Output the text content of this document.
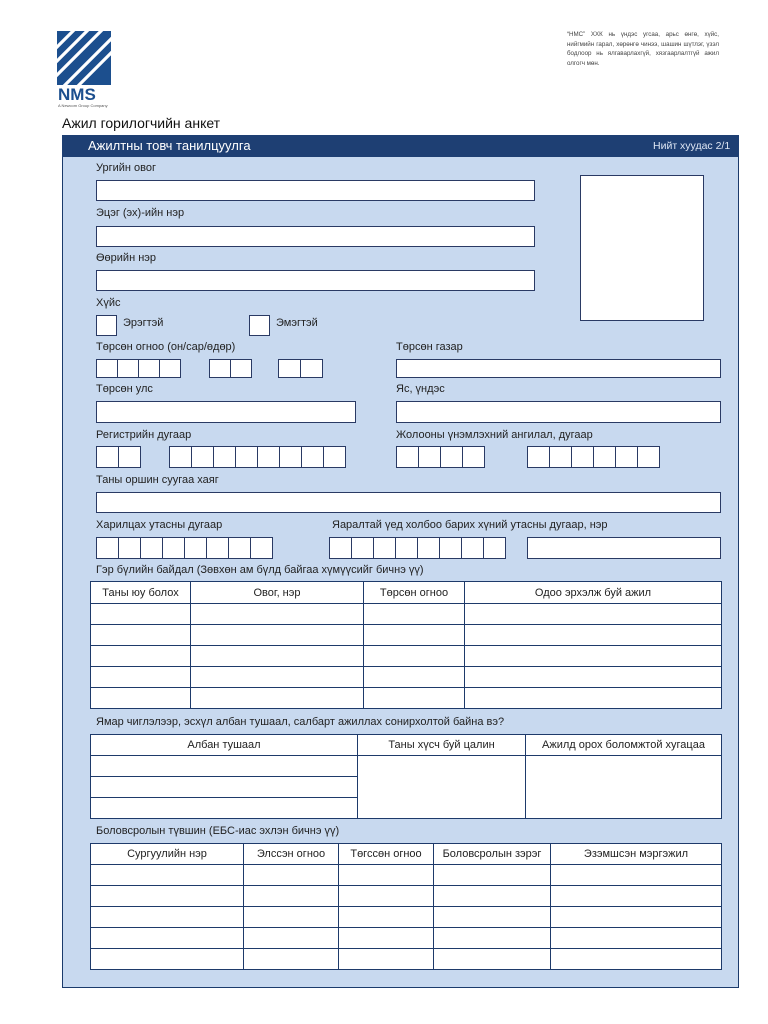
NMS
A Newcom Group Company
“НМС” ХХК нь үндэс угсаа, арьс өнгө, хүйс, нийгмийн гарал, хөрөнгө чинээ, шашин шүтлэг, үзэл бодлоор нь ялгаварлахгүй, хязгаарлалтгүй ажил олгогч мөн.
Ажил горилогчийн анкет
Ажилтны товч танилцуулга	Нийт хуудас 2/1
Ургийн овог
Эцэг (эх)-ийн нэр
Өөрийн нэр
Хүйс
Эрэгтэй	Эмэгтэй
Төрсөн огноо (он/сар/өдөр)	Төрсөн газар
Төрсөн улс	Яс, үндэс
Регистрийн дугаар	Жолооны үнэмлэхний ангилал, дугаар
Таны оршин суугаа хаяг
Харилцах утасны дугаар	Яаралтай үед холбоо барих хүний утасны дугаар, нэр
Гэр бүлийн байдал (Зөвхөн ам бүлд байгаа хүмүүсийг бичнэ үү)
Таны юу болох	Овог, нэр	Төрсөн огноо	Одоо эрхэлж буй ажил

Ямар чиглэлээр, эсхүл албан тушаал, салбарт ажиллах сонирхолтой байна вэ?
Албан тушаал	Таны хүсч буй цалин	Ажилд орох боломжтой хугацаа

Боловсролын түвшин (ЕБС-иас эхлэн бичнэ үү)
Сургуулийн нэр	Элссэн огноо	Төгссөн огноо	Боловсролын зэрэг	Эзэмшсэн мэргэжил
